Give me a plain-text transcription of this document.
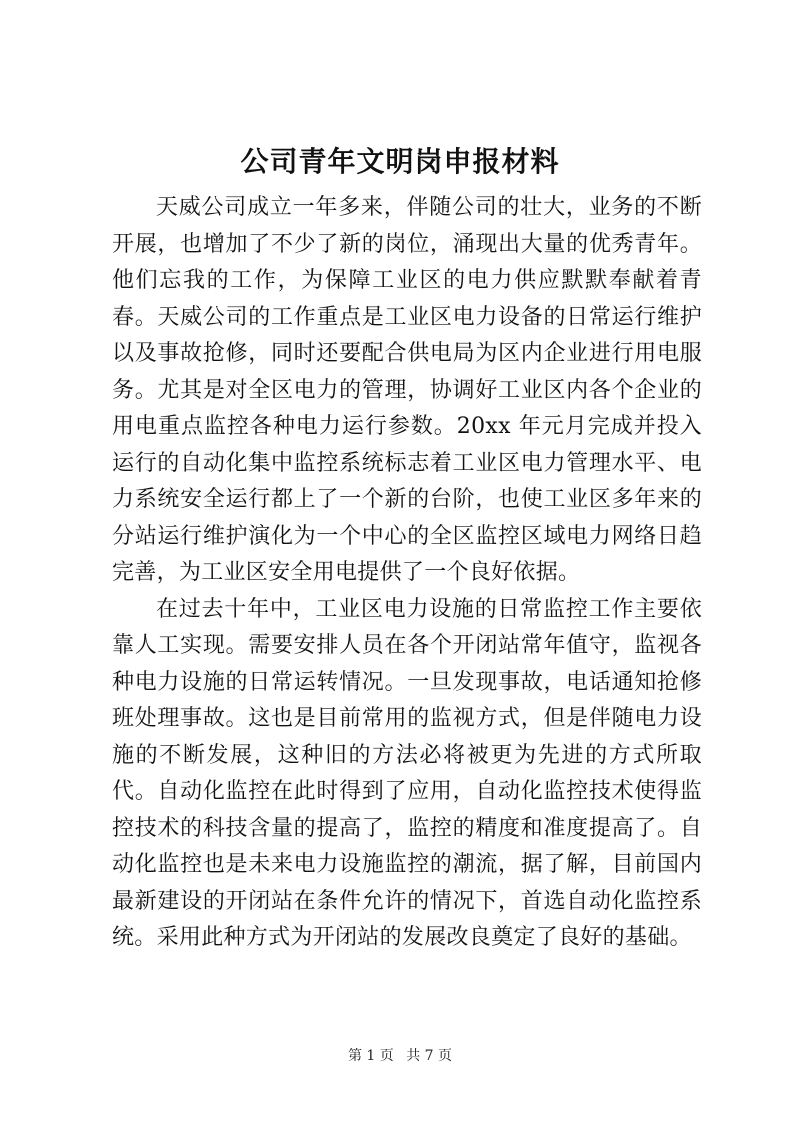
公司青年文明岗申报材料

天威公司成立一年多来，伴随公司的壮大，业务的不断开展，也增加了不少了新的岗位，涌现出大量的优秀青年。他们忘我的工作，为保障工业区的电力供应默默奉献着青春。天威公司的工作重点是工业区电力设备的日常运行维护以及事故抢修，同时还要配合供电局为区内企业进行用电服务。尤其是对全区电力的管理，协调好工业区内各个企业的用电重点监控各种电力运行参数。20xx 年元月完成并投入运行的自动化集中监控系统标志着工业区电力管理水平、电力系统安全运行都上了一个新的台阶，也使工业区多年来的分站运行维护演化为一个中心的全区监控区域电力网络日趋完善，为工业区安全用电提供了一个良好依据。

在过去十年中，工业区电力设施的日常监控工作主要依靠人工实现。需要安排人员在各个开闭站常年值守，监视各种电力设施的日常运转情况。一旦发现事故，电话通知抢修班处理事故。这也是目前常用的监视方式，但是伴随电力设施的不断发展，这种旧的方法必将被更为先进的方式所取代。自动化监控在此时得到了应用，自动化监控技术使得监控技术的科技含量的提高了，监控的精度和准度提高了。自动化监控也是未来电力设施监控的潮流，据了解，目前国内最新建设的开闭站在条件允许的情况下，首选自动化监控系统。采用此种方式为开闭站的发展改良奠定了良好的基础。

第 1 页 共 7 页
